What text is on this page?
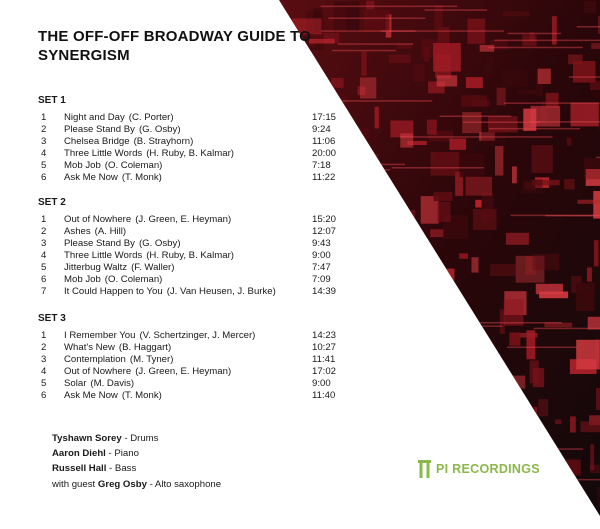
THE OFF-OFF BROADWAY GUIDE TO SYNERGISM
SET 1
1 Night and Day (C. Porter)	17:15
2 Please Stand By (G. Osby)	9:24
3 Chelsea Bridge (B. Strayhorn)	11:06
4 Three Little Words (H. Ruby, B. Kalmar)	20:00
5 Mob Job (O. Coleman)	7:18
6 Ask Me Now (T. Monk)	11:22
SET 2
1 Out of Nowhere (J. Green, E. Heyman)	15:20
2 Ashes (A. Hill)	12:07
3 Please Stand By (G. Osby)	9:43
4 Three Little Words (H. Ruby, B. Kalmar)	9:00
5 Jitterbug Waltz (F. Waller)	7:47
6 Mob Job (O. Coleman)	7:09
7 It Could Happen to You (J. Van Heusen, J. Burke)	14:39
SET 3
1 I Remember You (V. Schertzinger, J. Mercer)	14:23
2 What's New (B. Haggart)	10:27
3 Contemplation (M. Tyner)	11:41
4 Out of Nowhere (J. Green, E. Heyman)	17:02
5 Solar (M. Davis)	9:00
6 Ask Me Now (T. Monk)	11:40
Tyshawn Sorey - Drums
Aaron Diehl - Piano
Russell Hall - Bass
with guest Greg Osby - Alto saxophone
PI RECORDINGS
